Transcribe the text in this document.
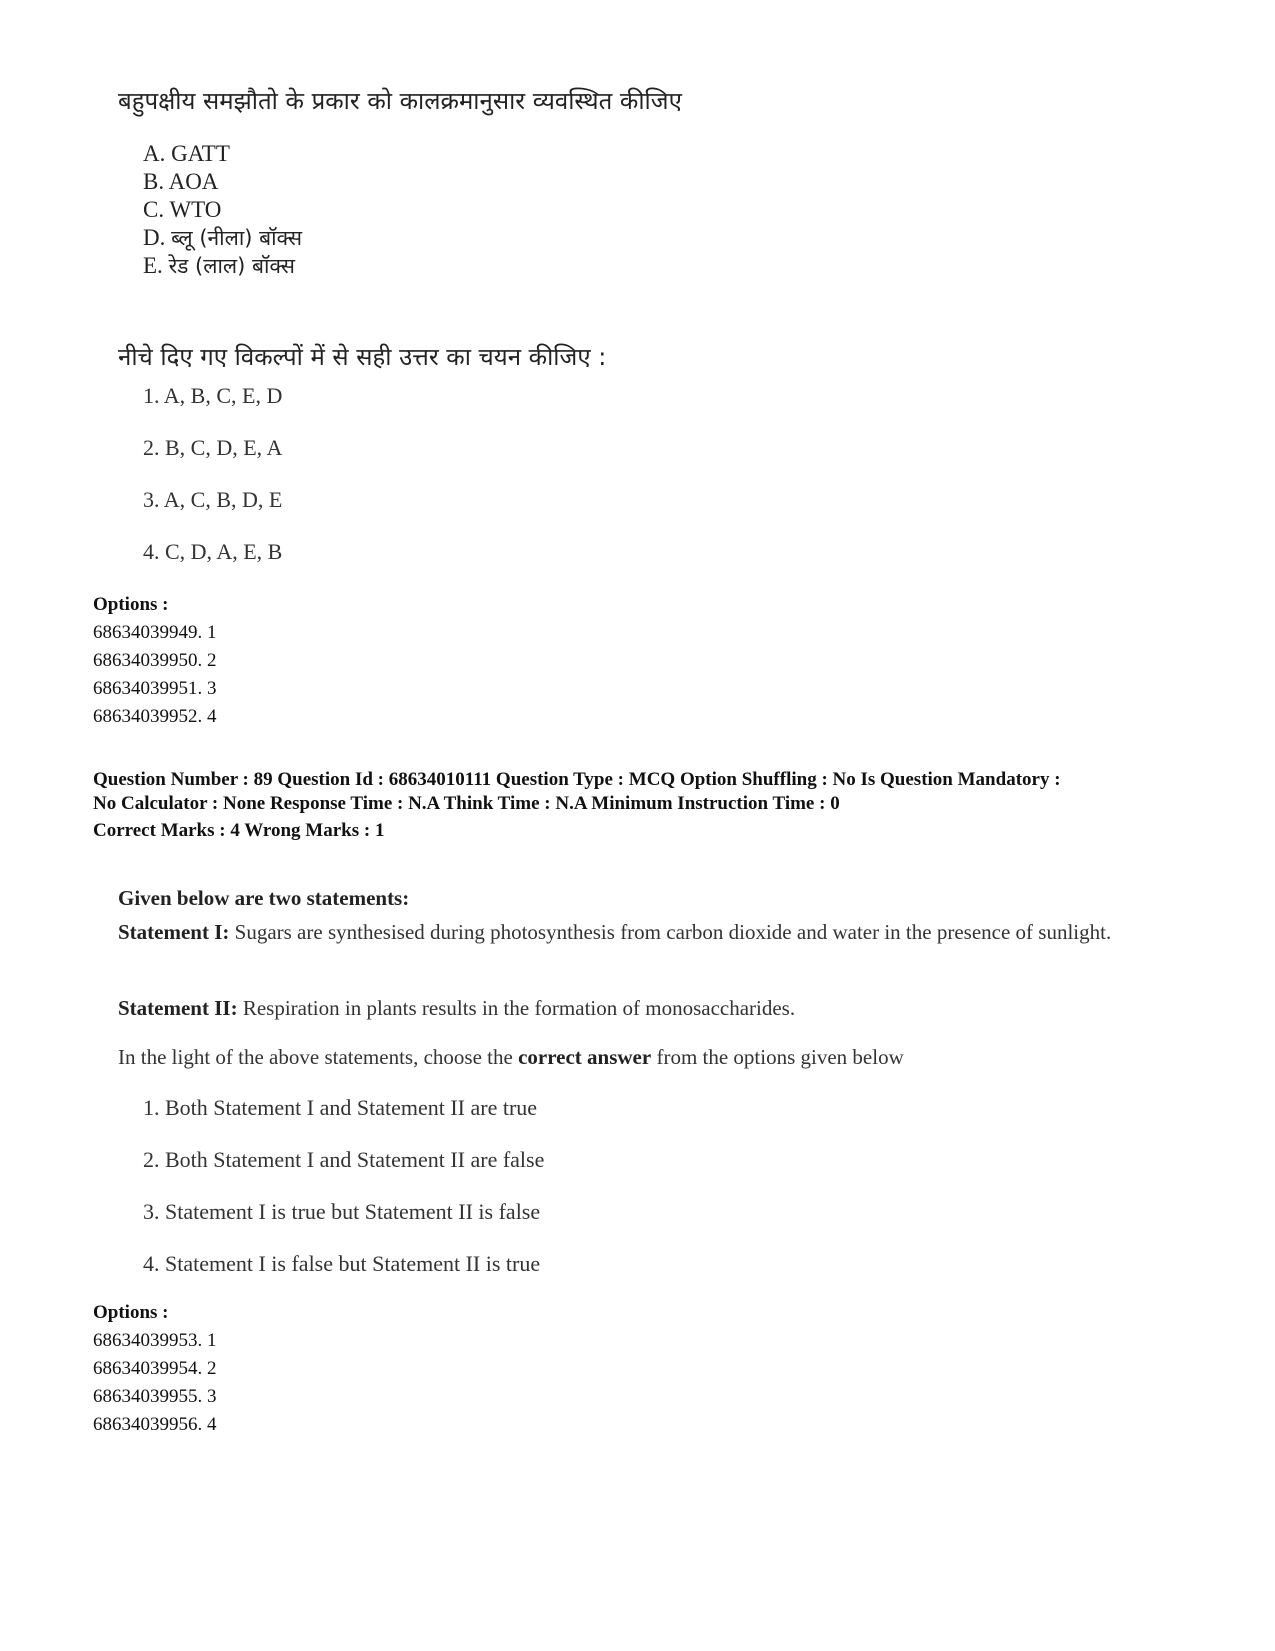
बहुपक्षीय समझौतो के प्रकार को कालक्रमानुसार व्यवस्थित कीजिए
A. GATT
B. AOA
C. WTO
D. ब्लू (नीला) बॉक्स
E. रेड (लाल) बॉक्स
नीचे दिए गए विकल्पों में से सही उत्तर का चयन कीजिए :
1. A, B, C, E, D
2. B, C, D, E, A
3. A, C, B, D, E
4. C, D, A, E, B
Options :
68634039949. 1
68634039950. 2
68634039951. 3
68634039952. 4
Question Number : 89 Question Id : 68634010111 Question Type : MCQ Option Shuffling : No Is Question Mandatory :
No Calculator : None Response Time : N.A Think Time : N.A Minimum Instruction Time : 0
Correct Marks : 4 Wrong Marks : 1
Given below are two statements:
Statement I: Sugars are synthesised during photosynthesis from carbon dioxide and water in the presence of sunlight.
Statement II: Respiration in plants results in the formation of monosaccharides.
In the light of the above statements, choose the correct answer from the options given below
1. Both Statement I and Statement II are true
2. Both Statement I and Statement II are false
3. Statement I is true but Statement II is false
4. Statement I is false but Statement II is true
Options :
68634039953. 1
68634039954. 2
68634039955. 3
68634039956. 4
